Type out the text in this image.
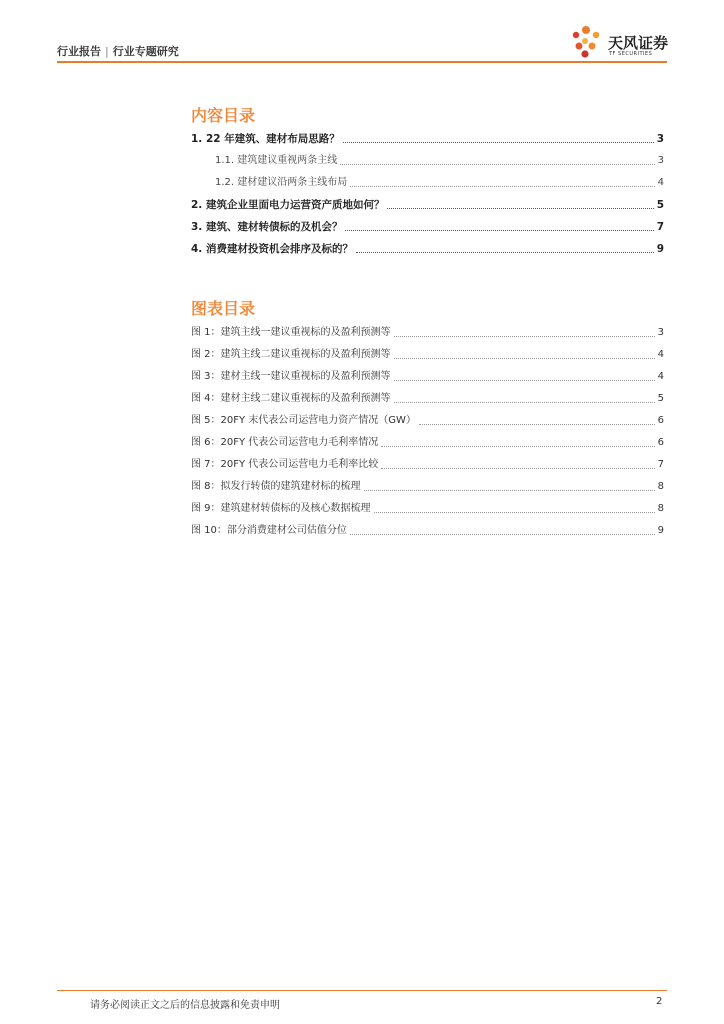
行业报告 | 行业专题研究	天风证券
TF SECURITIES
内容目录
1. 22 年建筑、建材布局思路？	3
1.1. 建筑建议重视两条主线	3
1.2. 建材建议沿两条主线布局	4
2. 建筑企业里面电力运营资产质地如何？	5
3. 建筑、建材转债标的及机会？	7
4. 消费建材投资机会排序及标的？	9
图表目录
图 1：建筑主线一建议重视标的及盈利预测等	3
图 2：建筑主线二建议重视标的及盈利预测等	4
图 3：建材主线一建议重视标的及盈利预测等	4
图 4：建材主线二建议重视标的及盈利预测等	5
图 5：20FY 末代表公司运营电力资产情况（GW）	6
图 6：20FY 代表公司运营电力毛利率情况	6
图 7：20FY 代表公司运营电力毛利率比较	7
图 8：拟发行转债的建筑建材标的梳理	8
图 9：建筑建材转债标的及核心数据梳理	8
图 10：部分消费建材公司估值分位	9
请务必阅读正文之后的信息披露和免责申明	2
